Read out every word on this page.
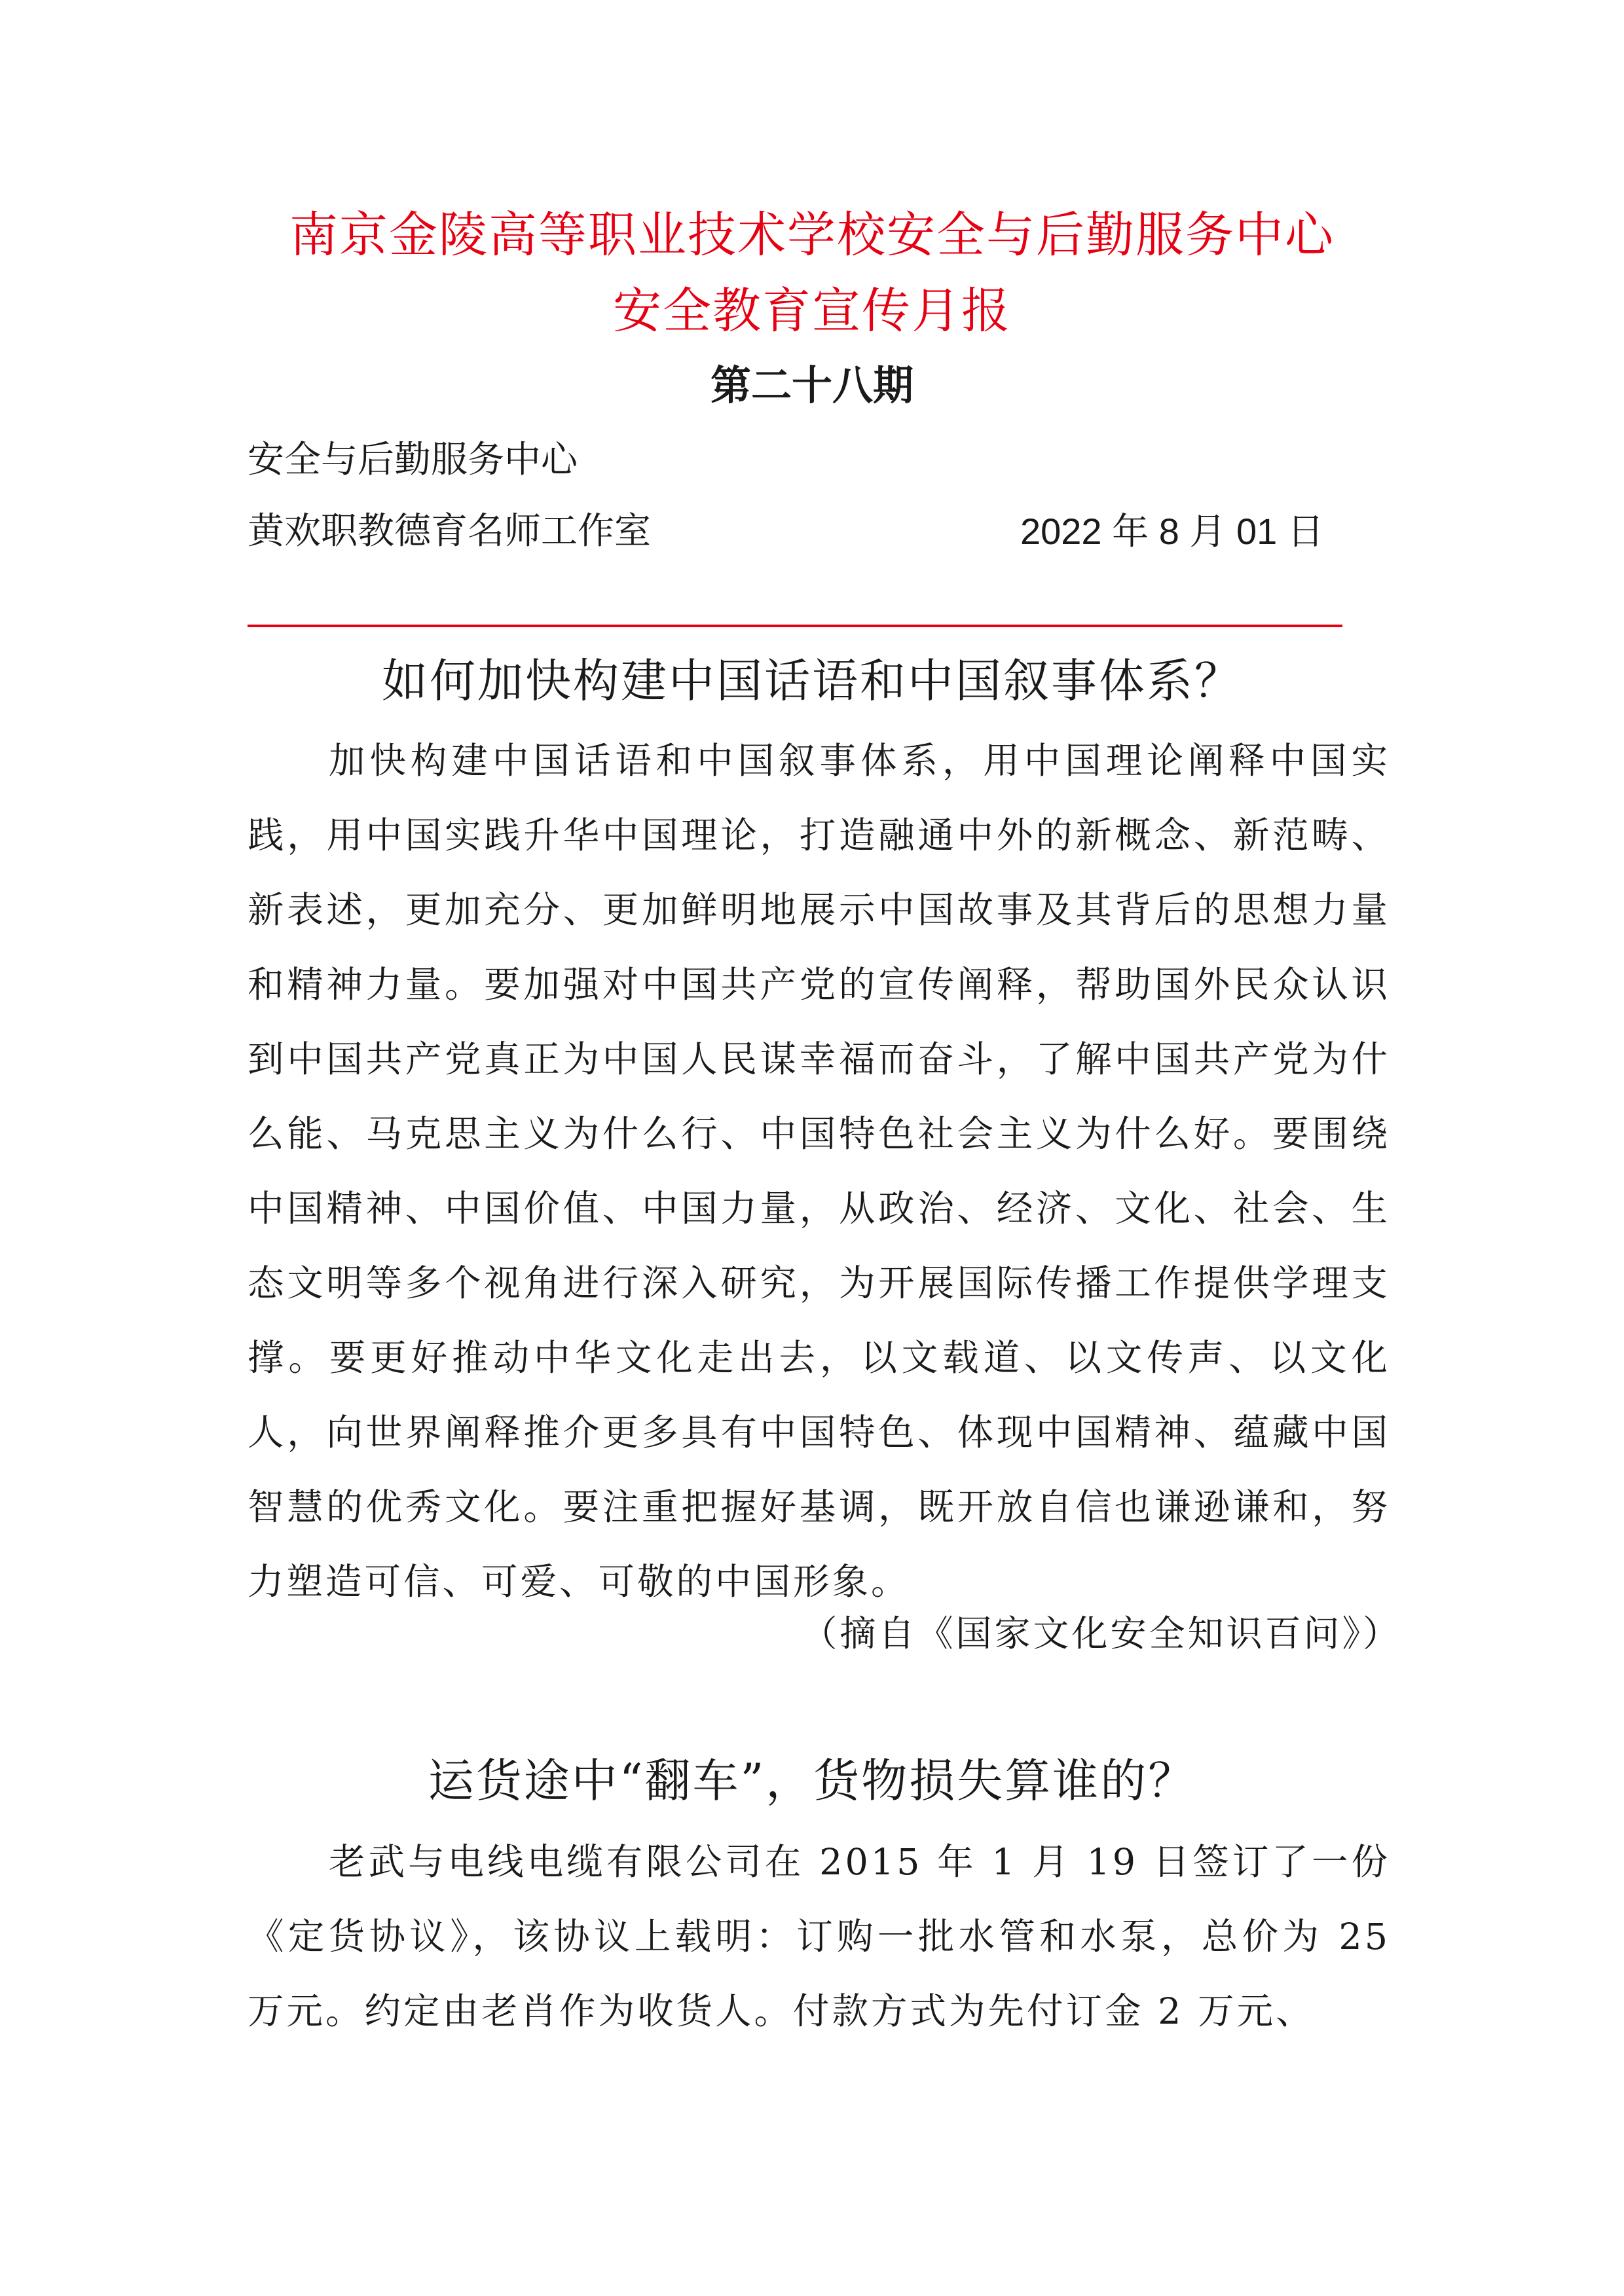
南京金陵高等职业技术学校安全与后勤服务中心
安全教育宣传月报
第二十八期
安全与后勤服务中心
黄欢职教德育名师工作室	2022 年 8 月 01 日
如何加快构建中国话语和中国叙事体系？
加快构建中国话语和中国叙事体系，用中国理论阐释中国实践，用中国实践升华中国理论，打造融通中外的新概念、新范畴、新表述，更加充分、更加鲜明地展示中国故事及其背后的思想力量和精神力量。要加强对中国共产党的宣传阐释，帮助国外民众认识到中国共产党真正为中国人民谋幸福而奋斗，了解中国共产党为什么能、马克思主义为什么行、中国特色社会主义为什么好。要围绕中国精神、中国价值、中国力量，从政治、经济、文化、社会、生态文明等多个视角进行深入研究，为开展国际传播工作提供学理支撑。要更好推动中华文化走出去，以文载道、以文传声、以文化人，向世界阐释推介更多具有中国特色、体现中国精神、蕴藏中国智慧的优秀文化。要注重把握好基调，既开放自信也谦逊谦和，努力塑造可信、可爱、可敬的中国形象。
（摘自《国家文化安全知识百问》）
运货途中“翻车”，货物损失算谁的？
老武与电线电缆有限公司在 2015 年 1 月 19 日签订了一份《定货协议》，该协议上载明：订购一批水管和水泵，总价为 25 万元。约定由老肖作为收货人。付款方式为先付订金 2 万元、
